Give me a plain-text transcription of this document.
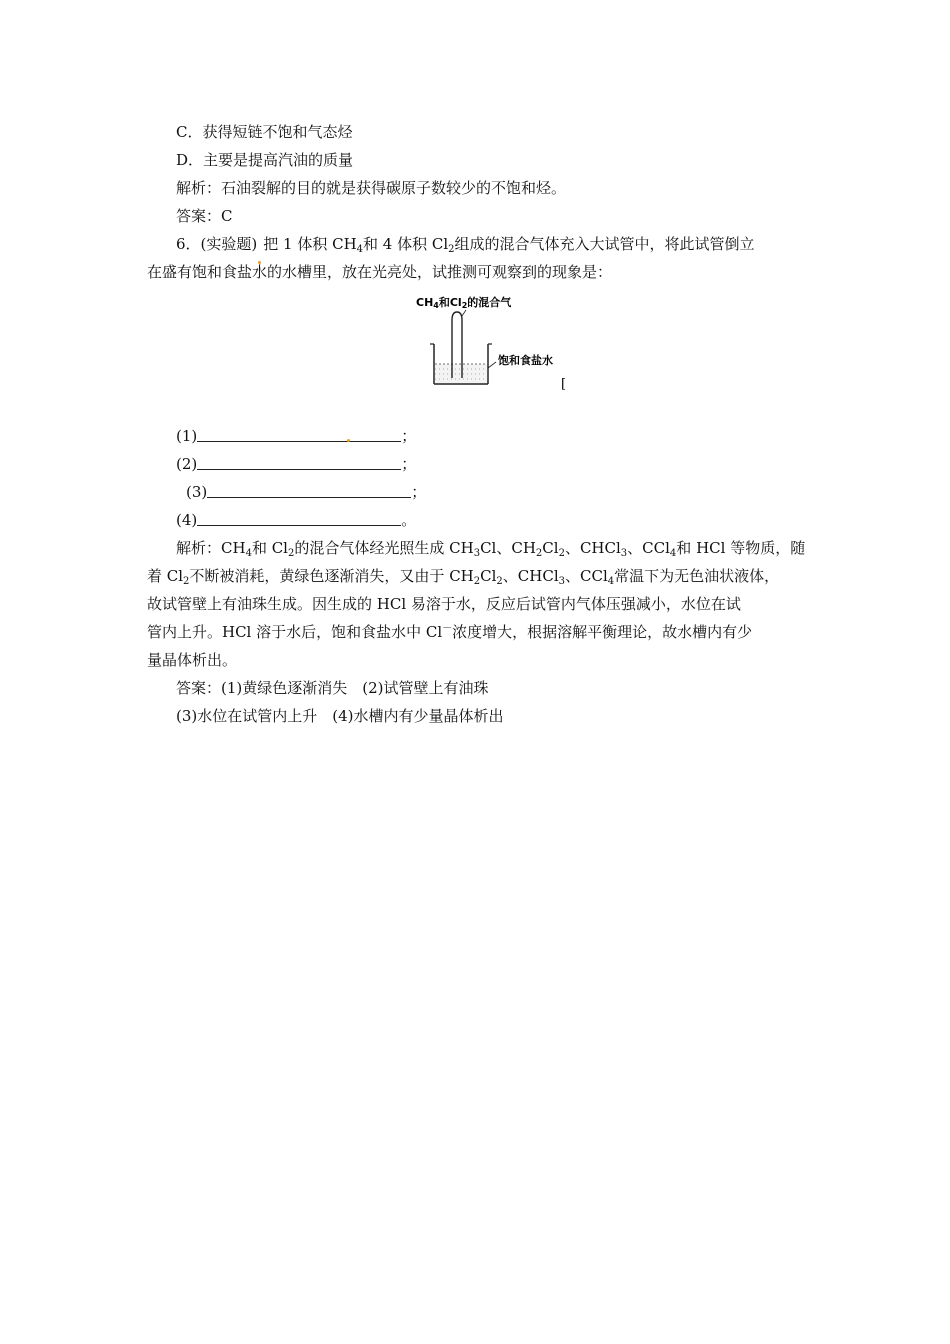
C．获得短链不饱和气态烃
D．主要是提高汽油的质量
解析：石油裂解的目的就是获得碳原子数较少的不饱和烃。
答案：C
6．(实验题) 把 1 体积 $CH_4$和 4 体积 $Cl_2$组成的混合气体充入大试管中，将此试管倒立
在盛有饱和食盐水的水槽里，放在光亮处，试推测可观察到的现象是：
CH4和Cl2的混合气
饱和食盐水
[
(1)	；
(2)	；
(3)	；
(4)	。
解析：$CH_4$和 $Cl_2$的混合气体经光照生成 $CH_3Cl$、$CH_2Cl_2$、CHCl$_3$、CCl$_4$和 HCl 等物质，随
着 $Cl_2$不断被消耗，黄绿色逐渐消失，又由于 $CH_2Cl_2$、CHCl$_3$、CCl$_4$常温下为无色油状液体，
故试管壁上有油珠生成。因生成的 HCl 易溶于水，反应后试管内气体压强减小，水位在试
管内上升。HCl 溶于水后，饱和食盐水中 Cl－浓度增大，根据溶解平衡理论，故水槽内有少
量晶体析出。
答案：(1)黄绿色逐渐消失　(2)试管壁上有油珠
(3)水位在试管内上升　(4)水槽内有少量晶体析出
